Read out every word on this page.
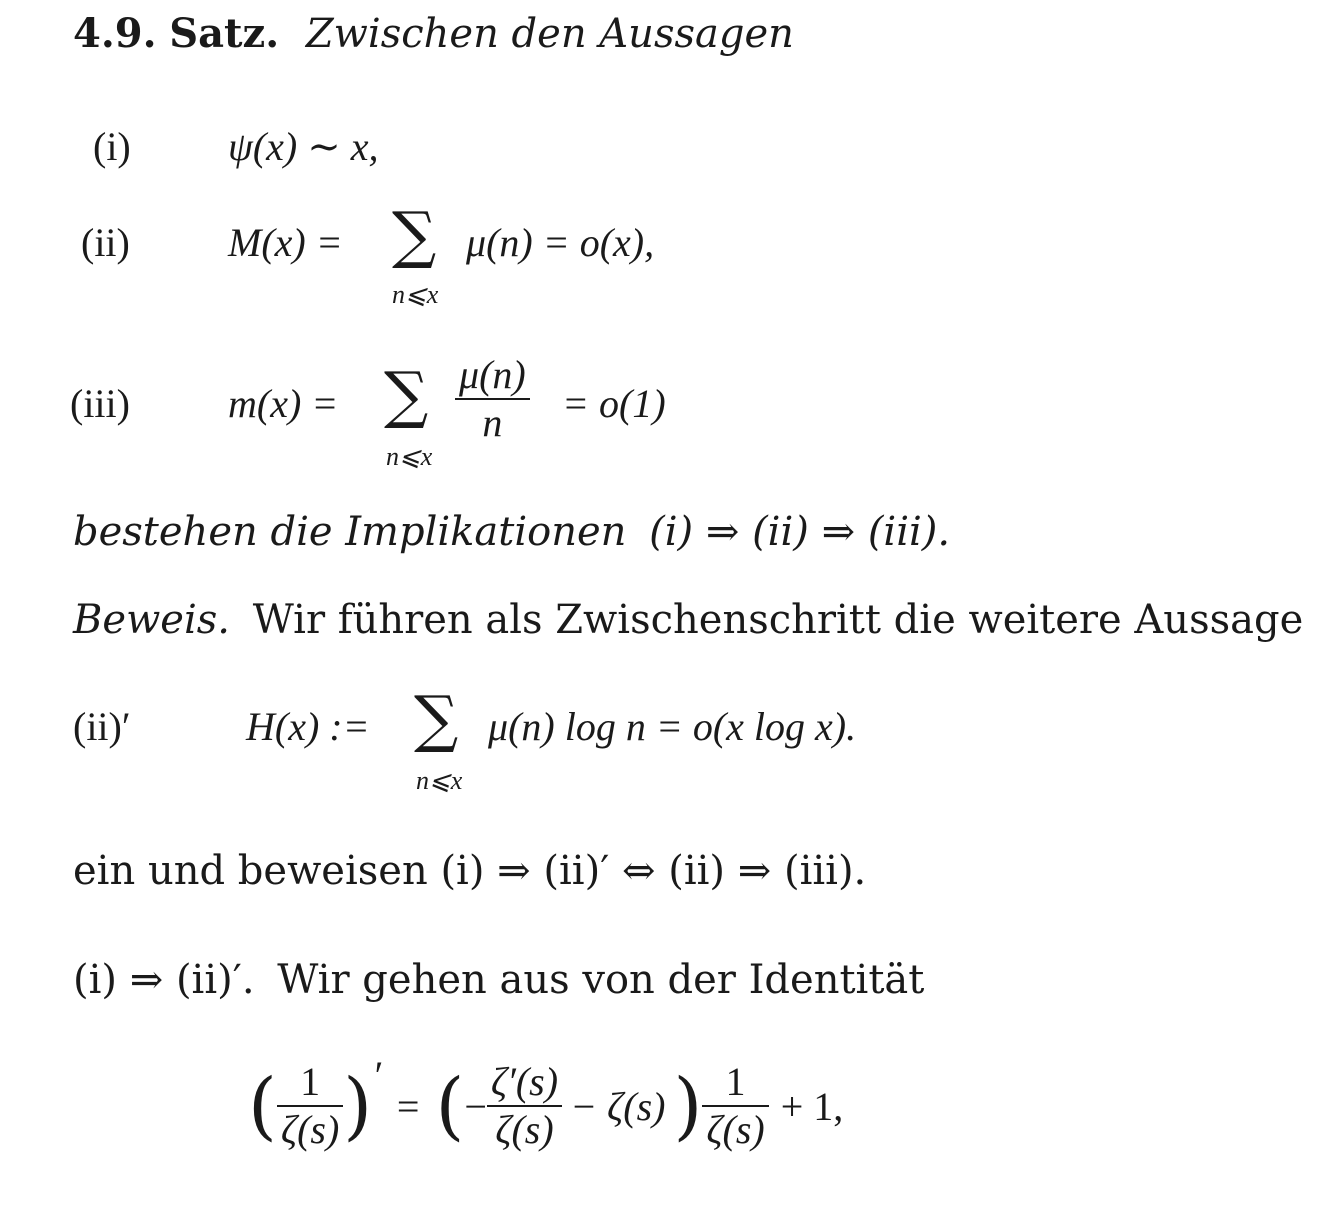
4.9. Satz. Zwischen den Aussagen
(i) ψ(x) ∼ x,
(ii) M(x) = ∑
n⩽x
μ(n) = o(x),
(iii) m(x) = ∑
n⩽x
$\frac{\mu(n)}{n} = o(1)$
bestehen die Implikationen (i) ⇒ (ii) ⇒ (iii).
Beweis. Wir führen als Zwischenschritt die weitere Aussage
(ii)′	H(x) := ∑
n⩽x
μ(n) log n = o(x log x).
ein und beweisen (i) ⇒ (ii)′ ⇔ (ii) ⇒ (iii).
(i) ⇒ (ii)′. Wir gehen aus von der Identität
( $\frac{1}{\zeta(s)}$ ) ′
= ( − $\frac{\zeta'(s)}{\zeta(s)} - \zeta(s)$ ) $\frac{1}{\zeta(s)} + 1$,
